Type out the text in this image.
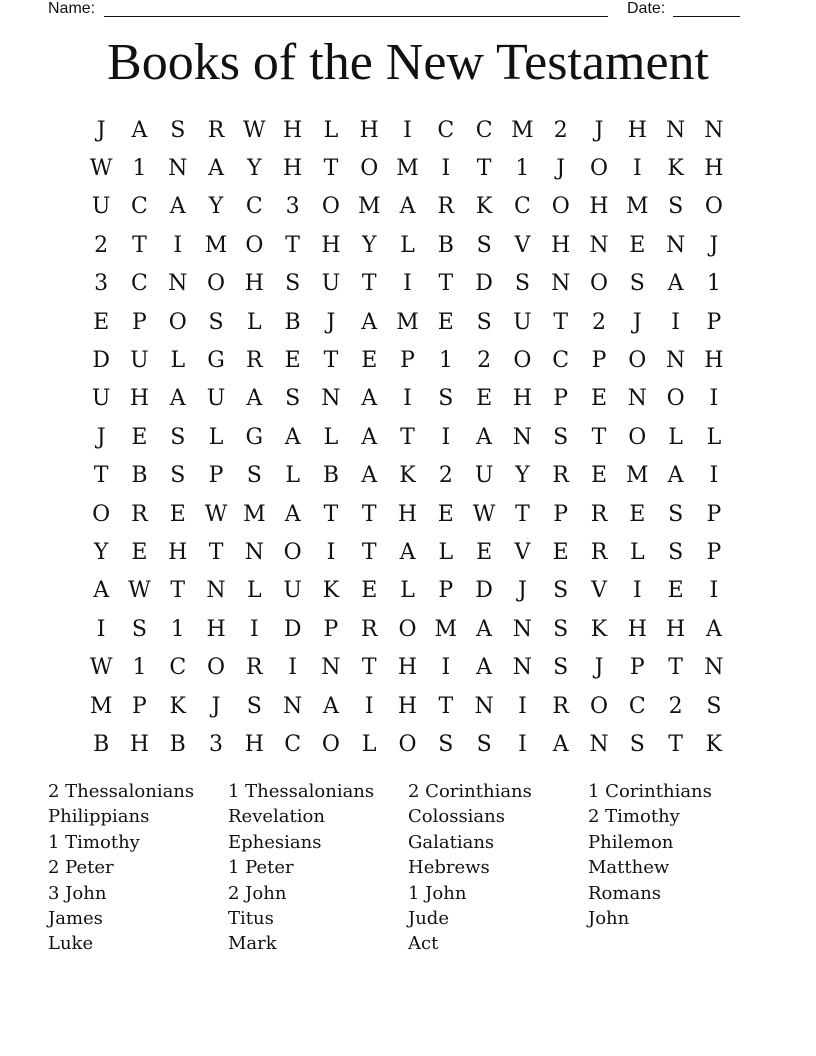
Name:	Date:
Books of the New Testament
J	A	S	R W H L H	I	C C M 2	J	H N N
W 1 N A	Y H T O M	I	T	1	J	O	I	K H
U C A	Y	C	3	O M A	R K C O H M S O
2	T	I	M O T H Y	L	B	S	V H N E N	J
3	C N O H S U T	I	T	D S N O S	A	1
E	P O S	L	B	J	A M E	S U T	2	J	I	P
D U L	G R E	T	E	P	1	2	O C	P O N H
U H A U A	S N A	I	S	E H P	E N O	I
J	E	S	L	G A	L	A	T	I	A N S	T O L	L
T	B	S	P	S	L	B	A	K	2	U Y	R E M A	I
O R E W M A	T	T H E W T	P	R E	S	P
Y	E H T N O	I	T	A	L	E	V	E R	L	S	P
A W T N L U K	E	L	P	D	J	S	V	I	E	I
I	S	1 H	I	D	P	R O M A N S	K H H A
W 1	C O R	I	N T H	I	A N S	J	P	T N
M P	K	J	S N A	I	H T N	I	R O C	2	S
B H B	3 H C O L O S	S	I	A N S	T	K
2 Thessalonians
Philippians
1 Timothy
2 Peter
3 John
James
Luke
1 Thessalonians
Revelation
Ephesians
1 Peter
2 John
Titus
Mark
2 Corinthians
Colossians
Galatians
Hebrews
1 John
Jude
Act
1 Corinthians
2 Timothy
Philemon
Matthew
Romans
John
